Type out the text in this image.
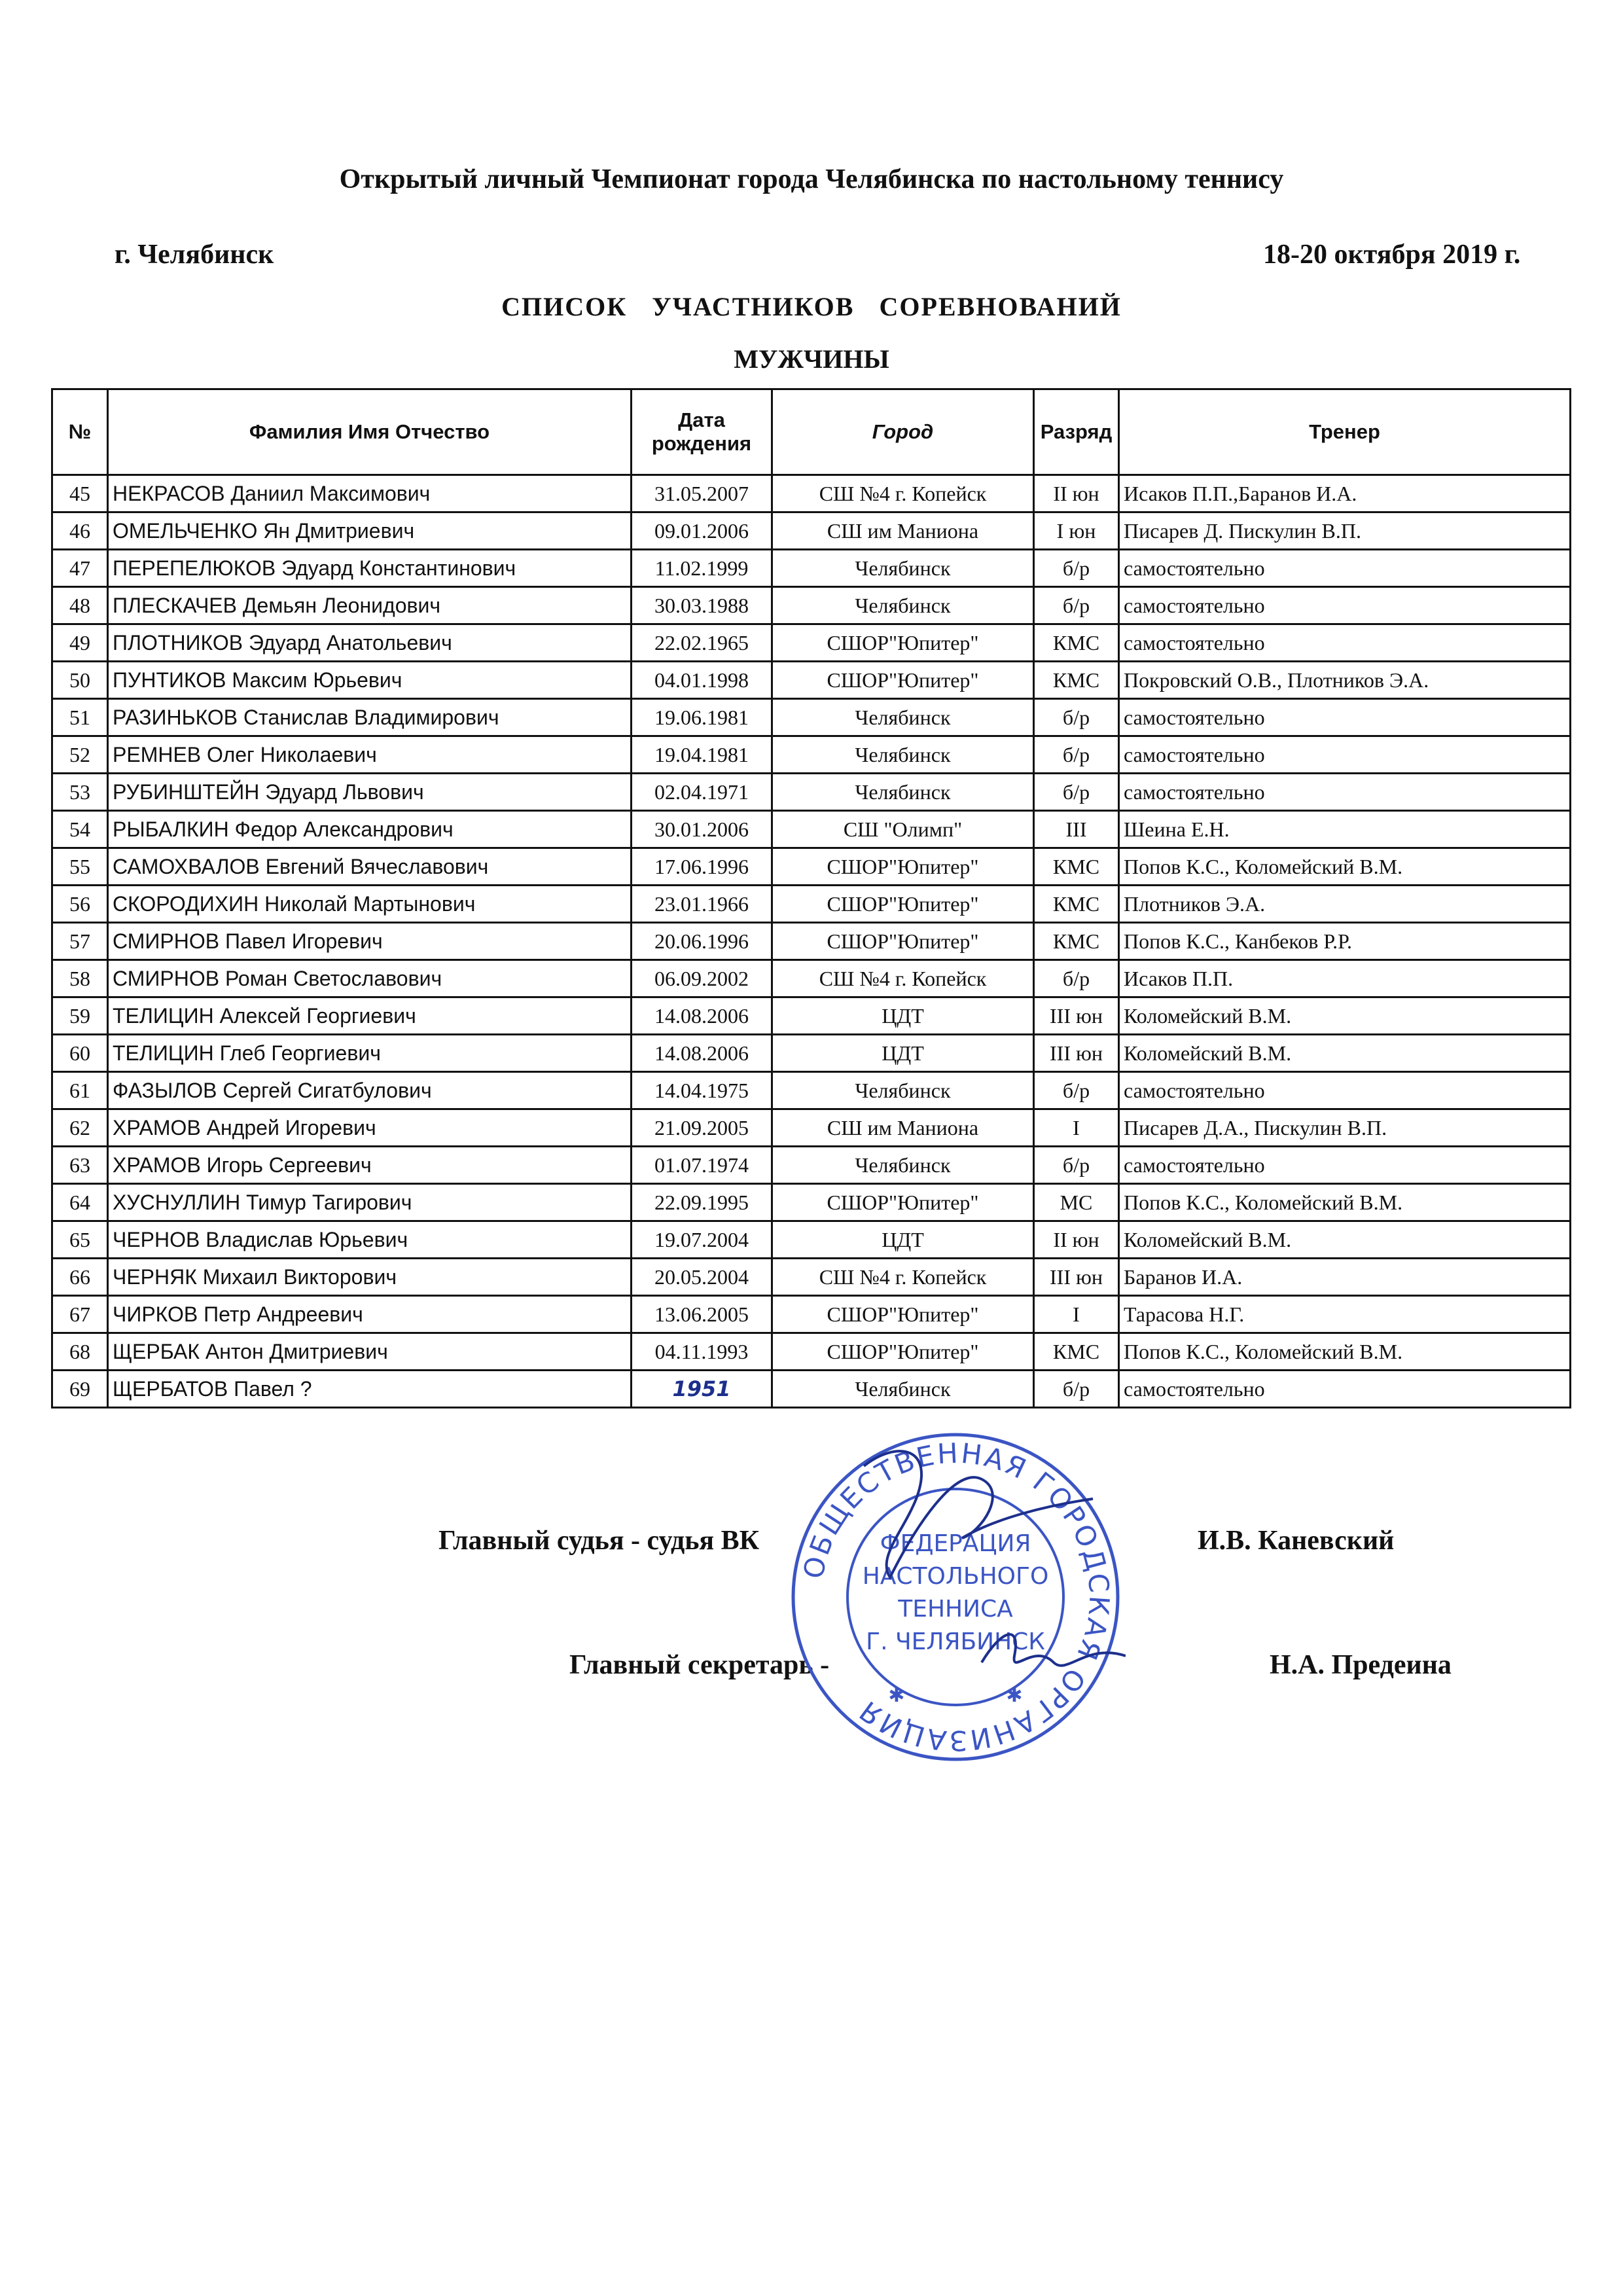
Открытый личный Чемпионат города Челябинска по настольному теннису
г. Челябинск	18-20 октября 2019 г.
СПИСОК УЧАСТНИКОВ СОРЕВНОВАНИЙ
МУЖЧИНЫ
№	Фамилия Имя Отчество	Дата рождения	Город	Разряд	Тренер
45	НЕКРАСОВ Даниил Максимович	31.05.2007	СШ №4 г. Копейск	II юн	Исаков П.П.,Баранов И.А.
46	ОМЕЛЬЧЕНКО Ян Дмитриевич	09.01.2006	СШ им Маниона	I юн	Писарев Д. Пискулин В.П.
47	ПЕРЕПЕЛЮКОВ Эдуард Константинович	11.02.1999	Челябинск	б/р	самостоятельно
48	ПЛЕСКАЧЕВ Демьян Леонидович	30.03.1988	Челябинск	б/р	самостоятельно
49	ПЛОТНИКОВ Эдуард Анатольевич	22.02.1965	СШОР"Юпитер"	КМС	самостоятельно
50	ПУНТИКОВ Максим Юрьевич	04.01.1998	СШОР"Юпитер"	КМС	Покровский О.В., Плотников Э.А.
51	РАЗИНЬКОВ Станислав Владимирович	19.06.1981	Челябинск	б/р	самостоятельно
52	РЕМНЕВ Олег Николаевич	19.04.1981	Челябинск	б/р	самостоятельно
53	РУБИНШТЕЙН Эдуард Львович	02.04.1971	Челябинск	б/р	самостоятельно
54	РЫБАЛКИН Федор Александрович	30.01.2006	СШ "Олимп"	III	Шеина Е.Н.
55	САМОХВАЛОВ Евгений Вячеславович	17.06.1996	СШОР"Юпитер"	КМС	Попов К.С., Коломейский В.М.
56	СКОРОДИХИН Николай Мартынович	23.01.1966	СШОР"Юпитер"	КМС	Плотников Э.А.
57	СМИРНОВ Павел Игоревич	20.06.1996	СШОР"Юпитер"	КМС	Попов К.С., Канбеков Р.Р.
58	СМИРНОВ Роман Светославович	06.09.2002	СШ №4 г. Копейск	б/р	Исаков П.П.
59	ТЕЛИЦИН Алексей Георгиевич	14.08.2006	ЦДТ	III юн	Коломейский В.М.
60	ТЕЛИЦИН Глеб Георгиевич	14.08.2006	ЦДТ	III юн	Коломейский В.М.
61	ФАЗЫЛОВ Сергей Сигатбулович	14.04.1975	Челябинск	б/р	самостоятельно
62	ХРАМОВ Андрей Игоревич	21.09.2005	СШ им Маниона	I	Писарев Д.А., Пискулин В.П.
63	ХРАМОВ Игорь Сергеевич	01.07.1974	Челябинск	б/р	самостоятельно
64	ХУСНУЛЛИН Тимур Тагирович	22.09.1995	СШОР"Юпитер"	МС	Попов К.С., Коломейский В.М.
65	ЧЕРНОВ Владислав Юрьевич	19.07.2004	ЦДТ	II юн	Коломейский В.М.
66	ЧЕРНЯК Михаил Викторович	20.05.2004	СШ №4 г. Копейск	III юн	Баранов И.А.
67	ЧИРКОВ Петр Андреевич	13.06.2005	СШОР"Юпитер"	I	Тарасова Н.Г.
68	ЩЕРБАК Антон Дмитриевич	04.11.1993	СШОР"Юпитер"	КМС	Попов К.С., Коломейский В.М.
69	ЩЕРБАТОВ Павел ?	1951	Челябинск	б/р	самостоятельно
Главный судья - судья ВК	И.В. Каневский
Главный секретарь -	Н.А. Предеина
ОБЩЕСТВЕННАЯ ГОРОДСКАЯ ОРГАНИЗАЦИЯ
ФЕДЕРАЦИЯ
НАСТОЛЬНОГО
ТЕННИСА
Г. ЧЕЛЯБИНСК
✱	✱
